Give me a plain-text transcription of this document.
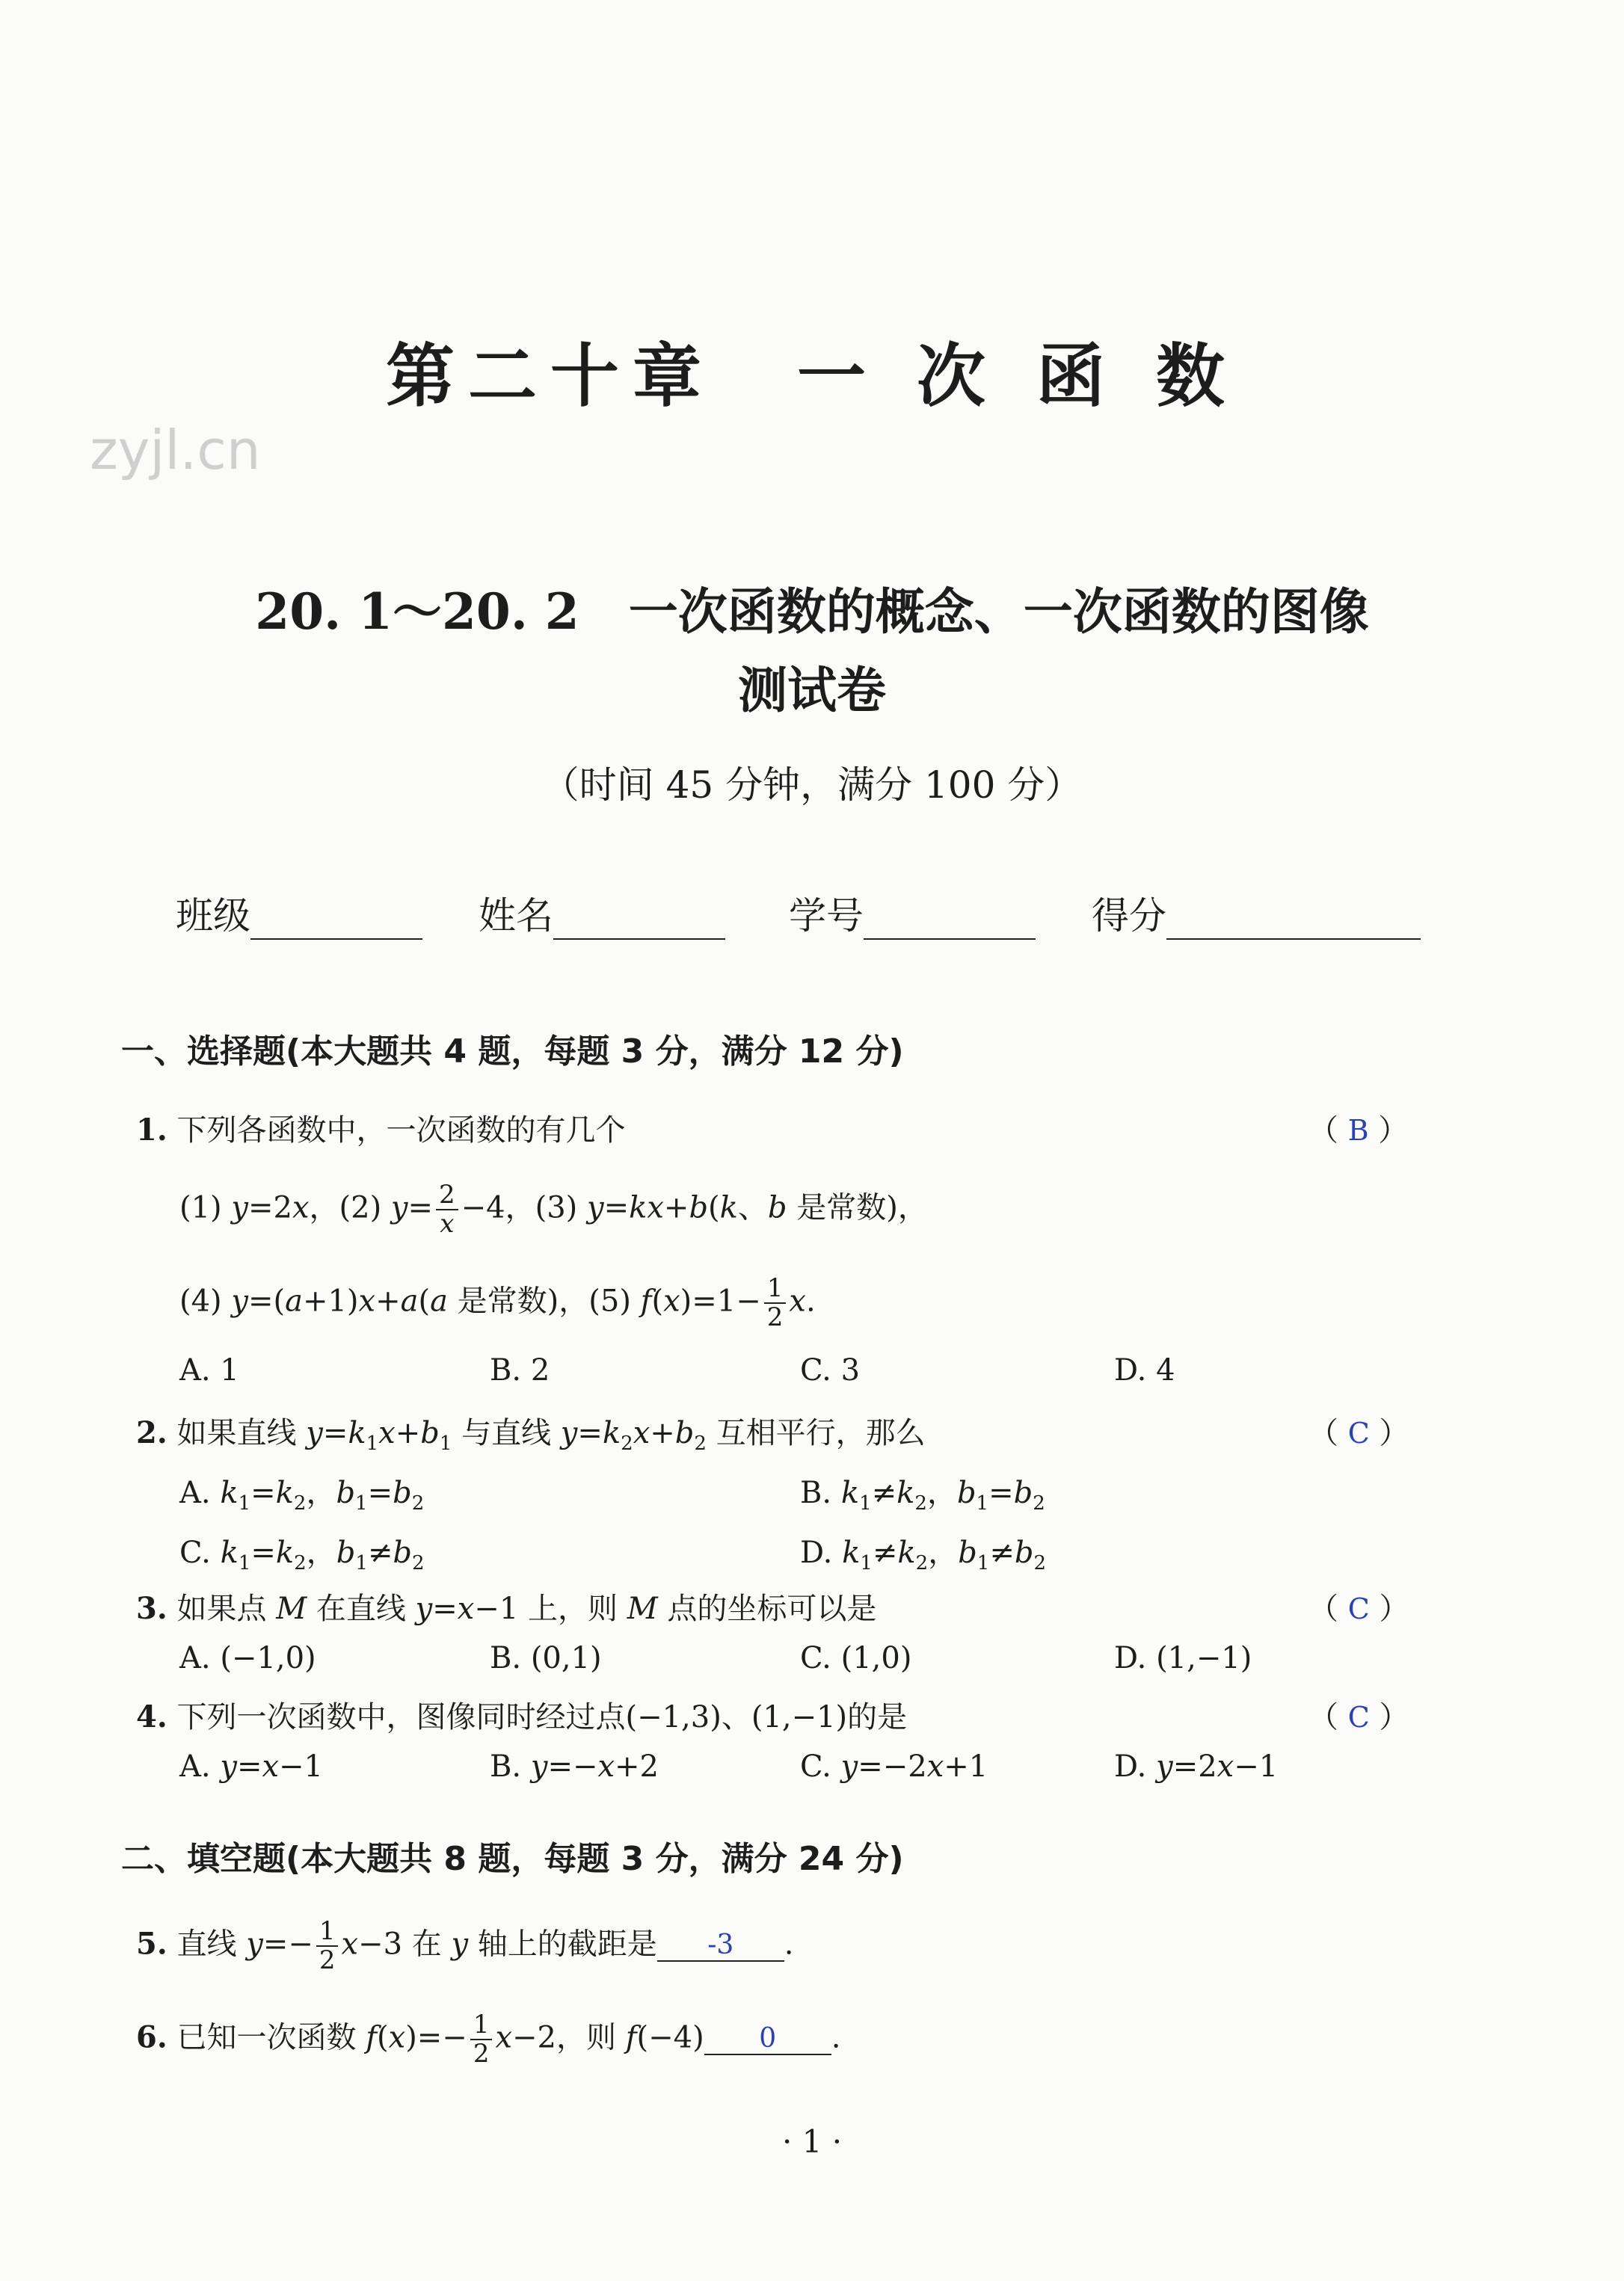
zyjl.cn
第二十章　一 次 函 数
20. 1～20. 2　一次函数的概念、一次函数的图像
测试卷
（时间 45 分钟，满分 100 分）
班级	姓名	学号	得分
一、选择题(本大题共 4 题，每题 3 分，满分 12 分)
1. 下列各函数中，一次函数的有几个	（ B ）
(1) y=2x，(2) $y= \frac{2}{x} -4$，(3) y=kx+b(k、b 是常数)，
(4) y=(a+1)x+a(a 是常数)，(5) $f(x)=1- \frac{1}{2} x$.
A. 1	B. 2	C. 3	D. 4
2. 如果直线 $y=k_1x+b_1$ 与直线 $y=k_2x+b_2$ 互相平行，那么	（ C ）
A. $k_1=k_2$，$b_1=b_2$	B. $k_1\ne k_2$，$b_1=b_2$
C. $k_1=k_2$，$b_1\ne b_2$	D. $k_1\ne k_2$，$b_1\ne b_2$
3. 如果点 M 在直线 y=x−1 上，则 M 点的坐标可以是	（ C ）
A. (−1,0)	B. (0,1)	C. (1,0)	D. (1,−1)
4. 下列一次函数中，图像同时经过点(−1,3)、(1,−1)的是	（ C ）
A. y=x−1	B. y=−x+2	C. y=−2x+1	D. y=2x−1
二、填空题(本大题共 8 题，每题 3 分，满分 24 分)
5. 直线 $y=- \frac{1}{2} x-3$ 在 y 轴上的截距是 -3 .
6. 已知一次函数 $f(x)=- \frac{1}{2} x-2$，则 f(−4) 0 .
· 1 ·
